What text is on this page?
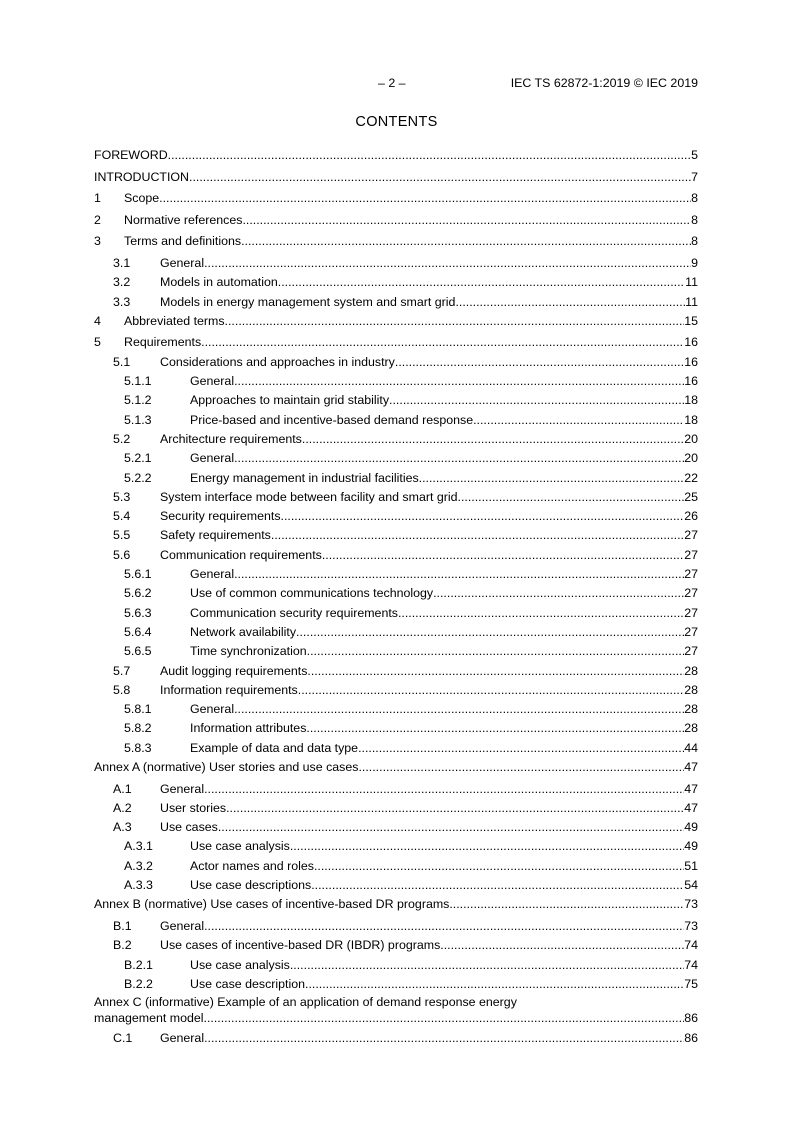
– 2 –	IEC TS 62872-1:2019 © IEC 2019
CONTENTS
FOREWORD .....	5
INTRODUCTION .....	7
1	Scope .....	8
2	Normative references .....	8
3	Terms and definitions .....	8
3.1	General .....	9
3.2	Models in automation .....	11
3.3	Models in energy management system and smart grid .....	11
4	Abbreviated terms .....	15
5	Requirements .....	16
5.1	Considerations and approaches in industry .....	16
5.1.1	General .....	16
5.1.2	Approaches to maintain grid stability .....	18
5.1.3	Price-based and incentive-based demand response .....	18
5.2	Architecture requirements .....	20
5.2.1	General .....	20
5.2.2	Energy management in industrial facilities .....	22
5.3	System interface mode between facility and smart grid .....	25
5.4	Security requirements .....	26
5.5	Safety requirements .....	27
5.6	Communication requirements .....	27
5.6.1	General .....	27
5.6.2	Use of common communications technology .....	27
5.6.3	Communication security requirements .....	27
5.6.4	Network availability .....	27
5.6.5	Time synchronization .....	27
5.7	Audit logging requirements .....	28
5.8	Information requirements .....	28
5.8.1	General .....	28
5.8.2	Information attributes .....	28
5.8.3	Example of data and data type .....	44
Annex A (normative) User stories and use cases .....	47
A.1	General .....	47
A.2	User stories .....	47
A.3	Use cases .....	49
A.3.1	Use case analysis .....	49
A.3.2	Actor names and roles .....	51
A.3.3	Use case descriptions .....	54
Annex B (normative) Use cases of incentive-based DR programs .....	73
B.1	General .....	73
B.2	Use cases of incentive-based DR (IBDR) programs .....	74
B.2.1	Use case analysis .....	74
B.2.2	Use case description .....	75
Annex C (informative) Example of an application of demand response energy
management model .....	86
C.1	General .....	86
